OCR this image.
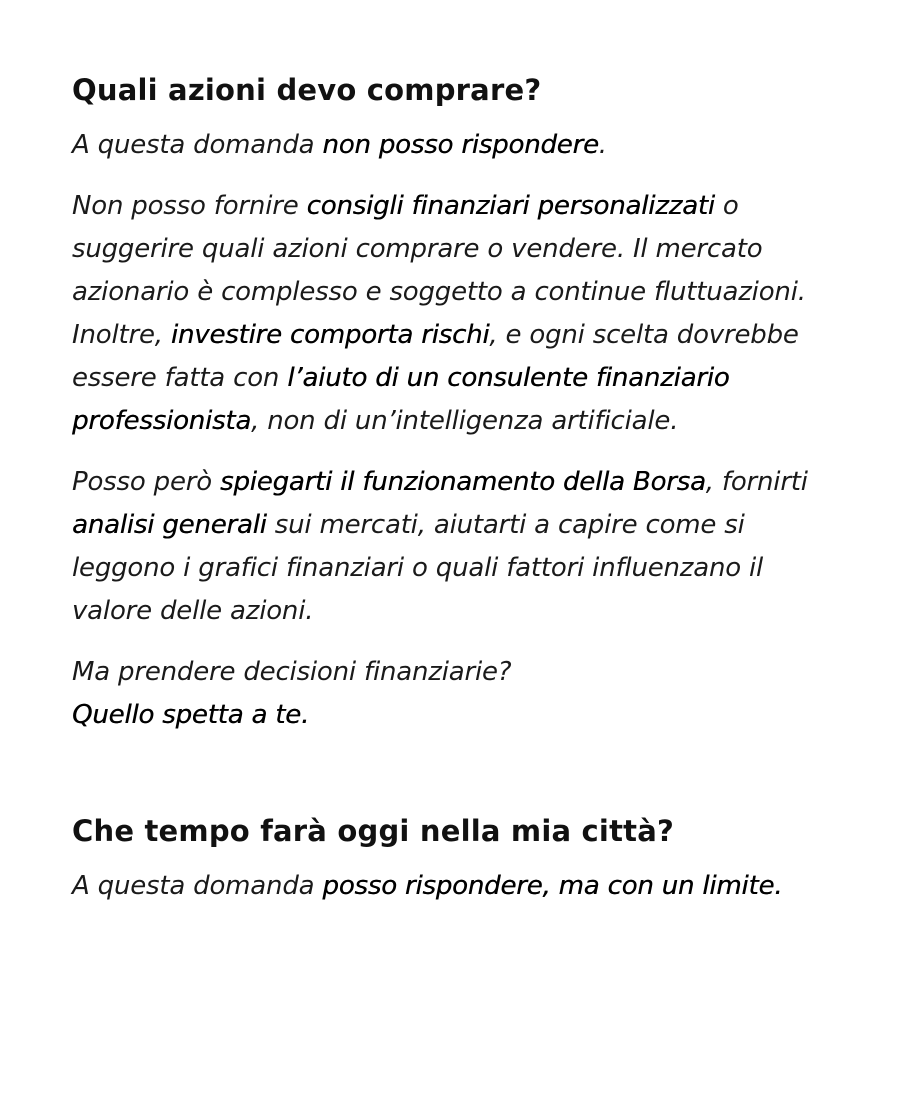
Quali azioni devo comprare?

A questa domanda non posso rispondere.

Non posso fornire consigli finanziari personalizzati o suggerire quali azioni comprare o vendere. Il mercato azionario è complesso e soggetto a continue fluttuazioni. Inoltre, investire comporta rischi, e ogni scelta dovrebbe essere fatta con l’aiuto di un consulente finanziario professionista, non di un’intelligenza artificiale.

Posso però spiegarti il funzionamento della Borsa, fornirti analisi generali sui mercati, aiutarti a capire come si leggono i grafici finanziari o quali fattori influenzano il valore delle azioni.

Ma prendere decisioni finanziarie?
Quello spetta a te.

Che tempo farà oggi nella mia città?

A questa domanda posso rispondere, ma con un limite.
